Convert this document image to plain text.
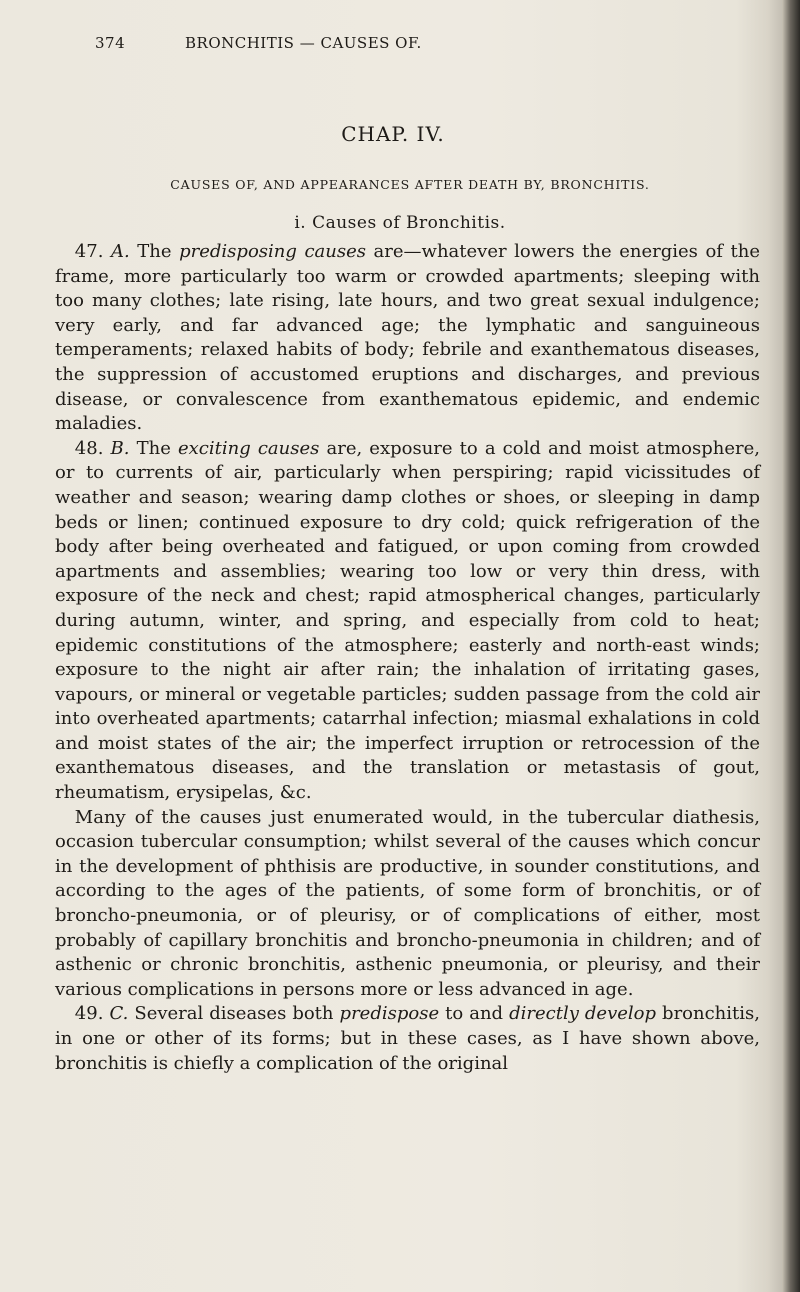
374	BRONCHITIS — CAUSES OF.
CHAP. IV.
CAUSES OF, AND APPEARANCES AFTER DEATH BY, BRONCHITIS.
i. Causes of Bronchitis.

47. A. The predisposing causes are—whatever lowers the energies of the frame, more particularly too warm or crowded apartments; sleeping with too many clothes; late rising, late hours, and two great sexual indulgence; very early, and far advanced age; the lymphatic and sanguineous temperaments; relaxed habits of body; febrile and exanthematous diseases, the suppression of accustomed eruptions and discharges, and previous disease, or convalescence from exanthematous epidemic, and endemic maladies.

48. B. The exciting causes are, exposure to a cold and moist atmosphere, or to currents of air, particularly when perspiring; rapid vicissitudes of weather and season; wearing damp clothes or shoes, or sleeping in damp beds or linen; continued exposure to dry cold; quick refrigeration of the body after being overheated and fatigued, or upon coming from crowded apartments and assemblies; wearing too low or very thin dress, with exposure of the neck and chest; rapid atmospherical changes, particularly during autumn, winter, and spring, and especially from cold to heat; epidemic constitutions of the atmosphere; easterly and north-east winds; exposure to the night air after rain; the inhalation of irritating gases, vapours, or mineral or vegetable particles; sudden passage from the cold air into overheated apartments; catarrhal infection; miasmal exhalations in cold and moist states of the air; the imperfect irruption or retrocession of the exanthematous diseases, and the translation or metastasis of gout, rheumatism, erysipelas, &c.

Many of the causes just enumerated would, in the tubercular diathesis, occasion tubercular consumption; whilst several of the causes which concur in the development of phthisis are productive, in sounder constitutions, and according to the ages of the patients, of some form of bronchitis, or of broncho-pneumonia, or of pleurisy, or of complications of either, most probably of capillary bronchitis and broncho-pneumonia in children; and of asthenic or chronic bronchitis, asthenic pneumonia, or pleurisy, and their various complications in persons more or less advanced in age.

49. C. Several diseases both predispose to and directly develop bronchitis, in one or other of its forms; but in these cases, as I have shown above, bronchitis is chiefly a complication of the original
